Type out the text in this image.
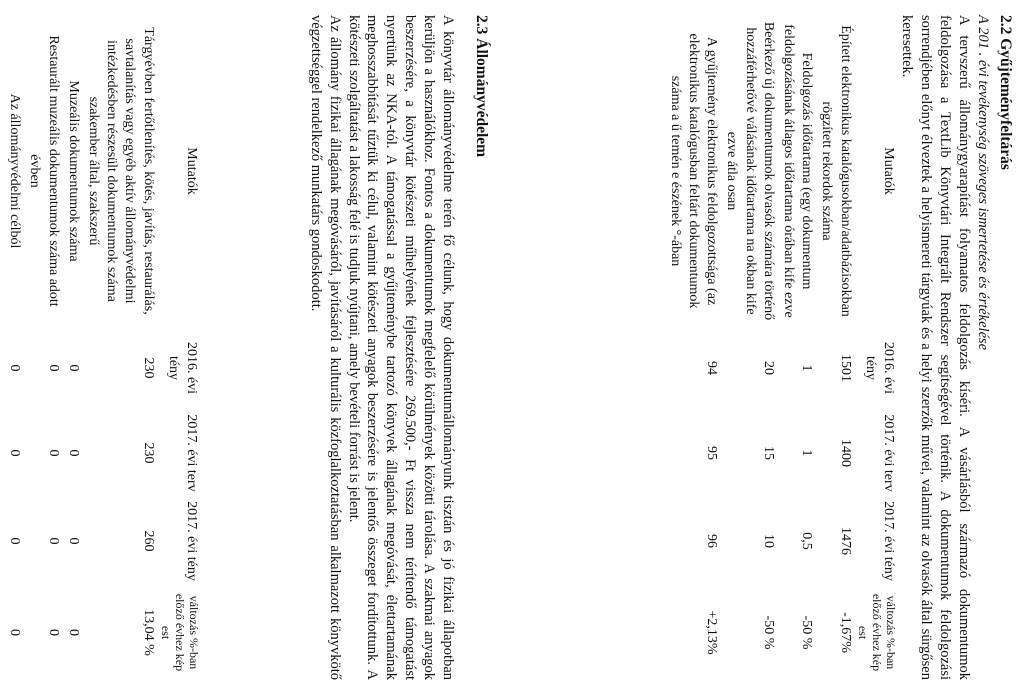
2.2 Gyűjteményfeltárás

A 201 . évi tevékenység szöveges ismertetése és értékelése

A tervszerű állománygyarapítást folyamatos feldolgozás kíséri. A vásárlásból származó dokumentumok feldolgozása a TextLib Könyvtári Integrált Rendszer segítségével történik. A dokumentumok feldolgozási sorrendjében előnyt élveztek a helyismereti tárgyúak és a helyi szerzők művei, valamint az olvasók által sürgősen keresettek.

Mutatók	2016. évi tény	2017. évi terv	2017. évi tény	változás %-ban előző évhez kép est
Épített elektronikus katalógusokban/adatbázisokban rögzített rekordok száma	1501	1400	1476	-1,67%
Feldolgozás időtartama (egy dokumentum feldolgozásának átlagos időtartama órában kife ezve	1	1	0,5	-50 %
Beérkező új dokumentumok olvasók számára történő hozzáférhetővé válásának időtartama na okban kife ezve átla osan	20	15	10	-50 %
A gyűjtemény elektronikus feldolgozottsága (az elektronikus katalógusban feltárt dokumentumok száma a ű temén e észének °-ában	94	95	96	+2,13%
2.3 Állományvédelem

A könyvtár állományvédelme terén fő célunk, hogy dokumentumállományunk tisztán és jó fizikai állapotban kerüljön a használókhoz. Fontos a dokumentumok megfelelő körülmények közötti tárolása. A szakmai anyagok beszerzésére, a könyvtár kötészeti műhelyének fejlesztésére 269.500,- Ft vissza nem térítendő támogatást nyertünk az NKA-tól. A támogatással a gyűjteménybe tartozó könyvek állagának megóvását, élettartamának meghosszabbítását tűztük ki célul, valamint kötészeti anyagok beszerzésére is jelentős összeget fordítottunk. A kötészeti szolgáltatást a lakosság felé is tudjuk nyújtani, amely bevételi forrást is jelent.

Az állomány fizikai állagának megóvásáról, javításáról a kulturális közfoglalkoztatásban alkalmazott könyvkötő végzettséggel rendelkező munkatárs gondoskodott.

Mutatók	2016. évi tény	2017. évi terv	2017. évi tény	változás %-ban előző évhez kép est
Tárgyévben fertőtlenítés, kötés, javítás, restaurálás, savtalanítás vagy egyéb aktív állományvédelmi intézkedésben részesült dokumentumok száma szakember által, szakszerű	230	230	260	13,04 %
Muzeális dokumentumok száma	0	0	0	0
Restaurált muzeális dokumentumok száma adott évben	0	0	0	0
Az állományvédelmi célból	0	0	0	0
